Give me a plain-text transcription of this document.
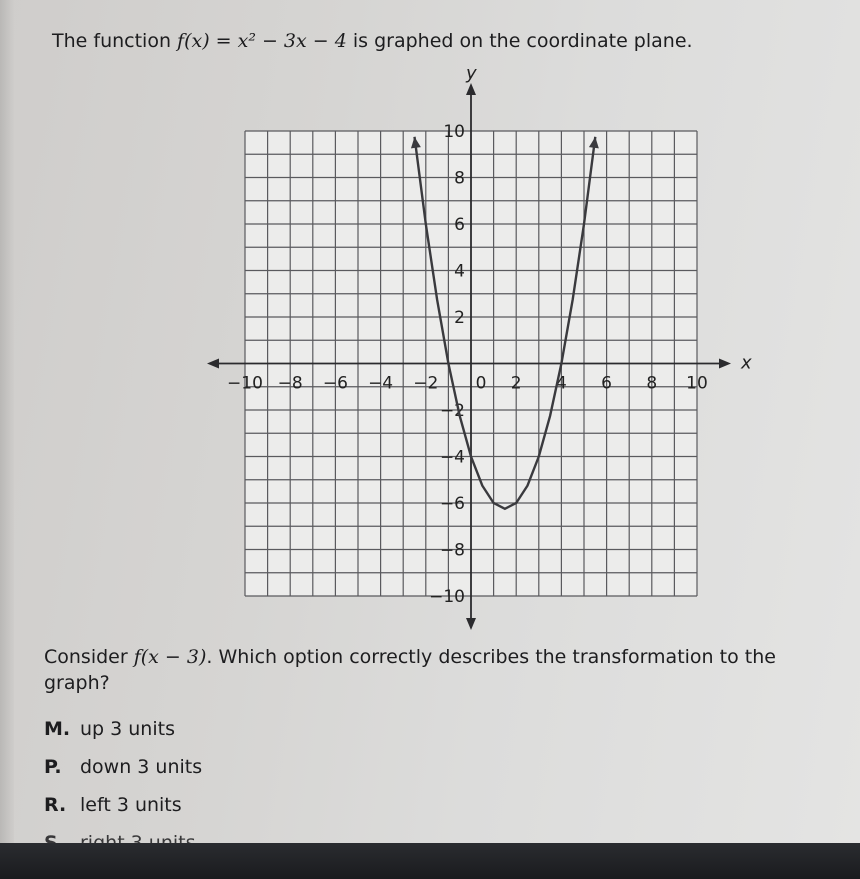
The function f(x) = x² − 3x − 4 is graphed on the coordinate plane.
x
y
−10 −8 −6 −4 −2 0 2 4 6 8 10
10
8
6
4
2
−2
−4
−6
−8
−10
Consider f(x − 3). Which option correctly describes the transformation to the graph?
M. up 3 units
P. down 3 units
R. left 3 units
